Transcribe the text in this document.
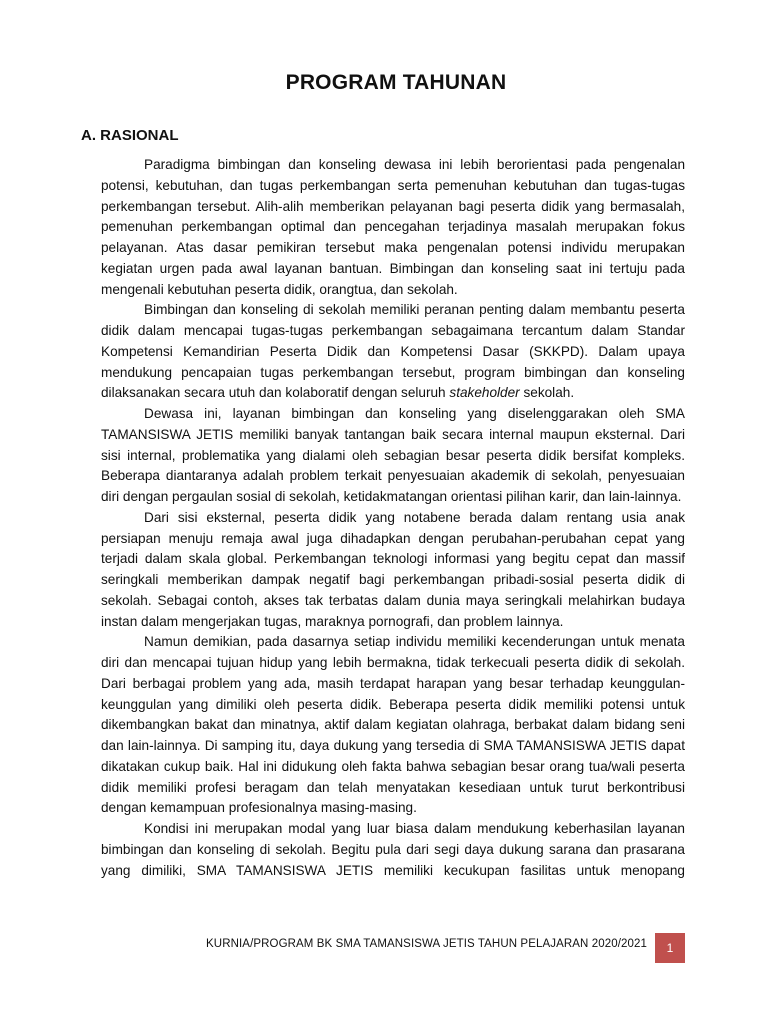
PROGRAM TAHUNAN
A. RASIONAL

Paradigma bimbingan dan konseling dewasa ini lebih berorientasi pada pengenalan potensi, kebutuhan, dan tugas perkembangan serta pemenuhan kebutuhan dan tugas-tugas perkembangan tersebut. Alih-alih memberikan pelayanan bagi peserta didik yang bermasalah, pemenuhan perkembangan optimal dan pencegahan terjadinya masalah merupakan fokus pelayanan. Atas dasar pemikiran tersebut maka pengenalan potensi individu merupakan kegiatan urgen pada awal layanan bantuan. Bimbingan dan konseling saat ini tertuju pada mengenali kebutuhan peserta didik, orangtua, dan sekolah.

Bimbingan dan konseling di sekolah memiliki peranan penting dalam membantu peserta didik dalam mencapai tugas-tugas perkembangan sebagaimana tercantum dalam Standar Kompetensi Kemandirian Peserta Didik dan Kompetensi Dasar (SKKPD). Dalam upaya mendukung pencapaian tugas perkembangan tersebut, program bimbingan dan konseling dilaksanakan secara utuh dan kolaboratif dengan seluruh stakeholder sekolah.

Dewasa ini, layanan bimbingan dan konseling yang diselenggarakan oleh SMA TAMANSISWA JETIS memiliki banyak tantangan baik secara internal maupun eksternal. Dari sisi internal, problematika yang dialami oleh sebagian besar peserta didik bersifat kompleks. Beberapa diantaranya adalah problem terkait penyesuaian akademik di sekolah, penyesuaian diri dengan pergaulan sosial di sekolah, ketidakmatangan orientasi pilihan karir, dan lain-lainnya.

Dari sisi eksternal, peserta didik yang notabene berada dalam rentang usia anak persiapan menuju remaja awal juga dihadapkan dengan perubahan-perubahan cepat yang terjadi dalam skala global. Perkembangan teknologi informasi yang begitu cepat dan massif seringkali memberikan dampak negatif bagi perkembangan pribadi-sosial peserta didik di sekolah. Sebagai contoh, akses tak terbatas dalam dunia maya seringkali melahirkan budaya instan dalam mengerjakan tugas, maraknya pornografi, dan problem lainnya.

Namun demikian, pada dasarnya setiap individu memiliki kecenderungan untuk menata diri dan mencapai tujuan hidup yang lebih bermakna, tidak terkecuali peserta didik di sekolah. Dari berbagai problem yang ada, masih terdapat harapan yang besar terhadap keunggulan-keunggulan yang dimiliki oleh peserta didik. Beberapa peserta didik memiliki potensi untuk dikembangkan bakat dan minatnya, aktif dalam kegiatan olahraga, berbakat dalam bidang seni dan lain-lainnya. Di samping itu, daya dukung yang tersedia di SMA TAMANSISWA JETIS dapat dikatakan cukup baik. Hal ini didukung oleh fakta bahwa sebagian besar orang tua/wali peserta didik memiliki profesi beragam dan telah menyatakan kesediaan untuk turut berkontribusi dengan kemampuan profesionalnya masing-masing.

Kondisi ini merupakan modal yang luar biasa dalam mendukung keberhasilan layanan bimbingan dan konseling di sekolah. Begitu pula dari segi daya dukung sarana dan prasarana yang dimiliki, SMA TAMANSISWA JETIS memiliki kecukupan fasilitas untuk menopang

KURNIA/PROGRAM BK SMA TAMANSISWA JETIS TAHUN PELAJARAN 2020/2021 1
